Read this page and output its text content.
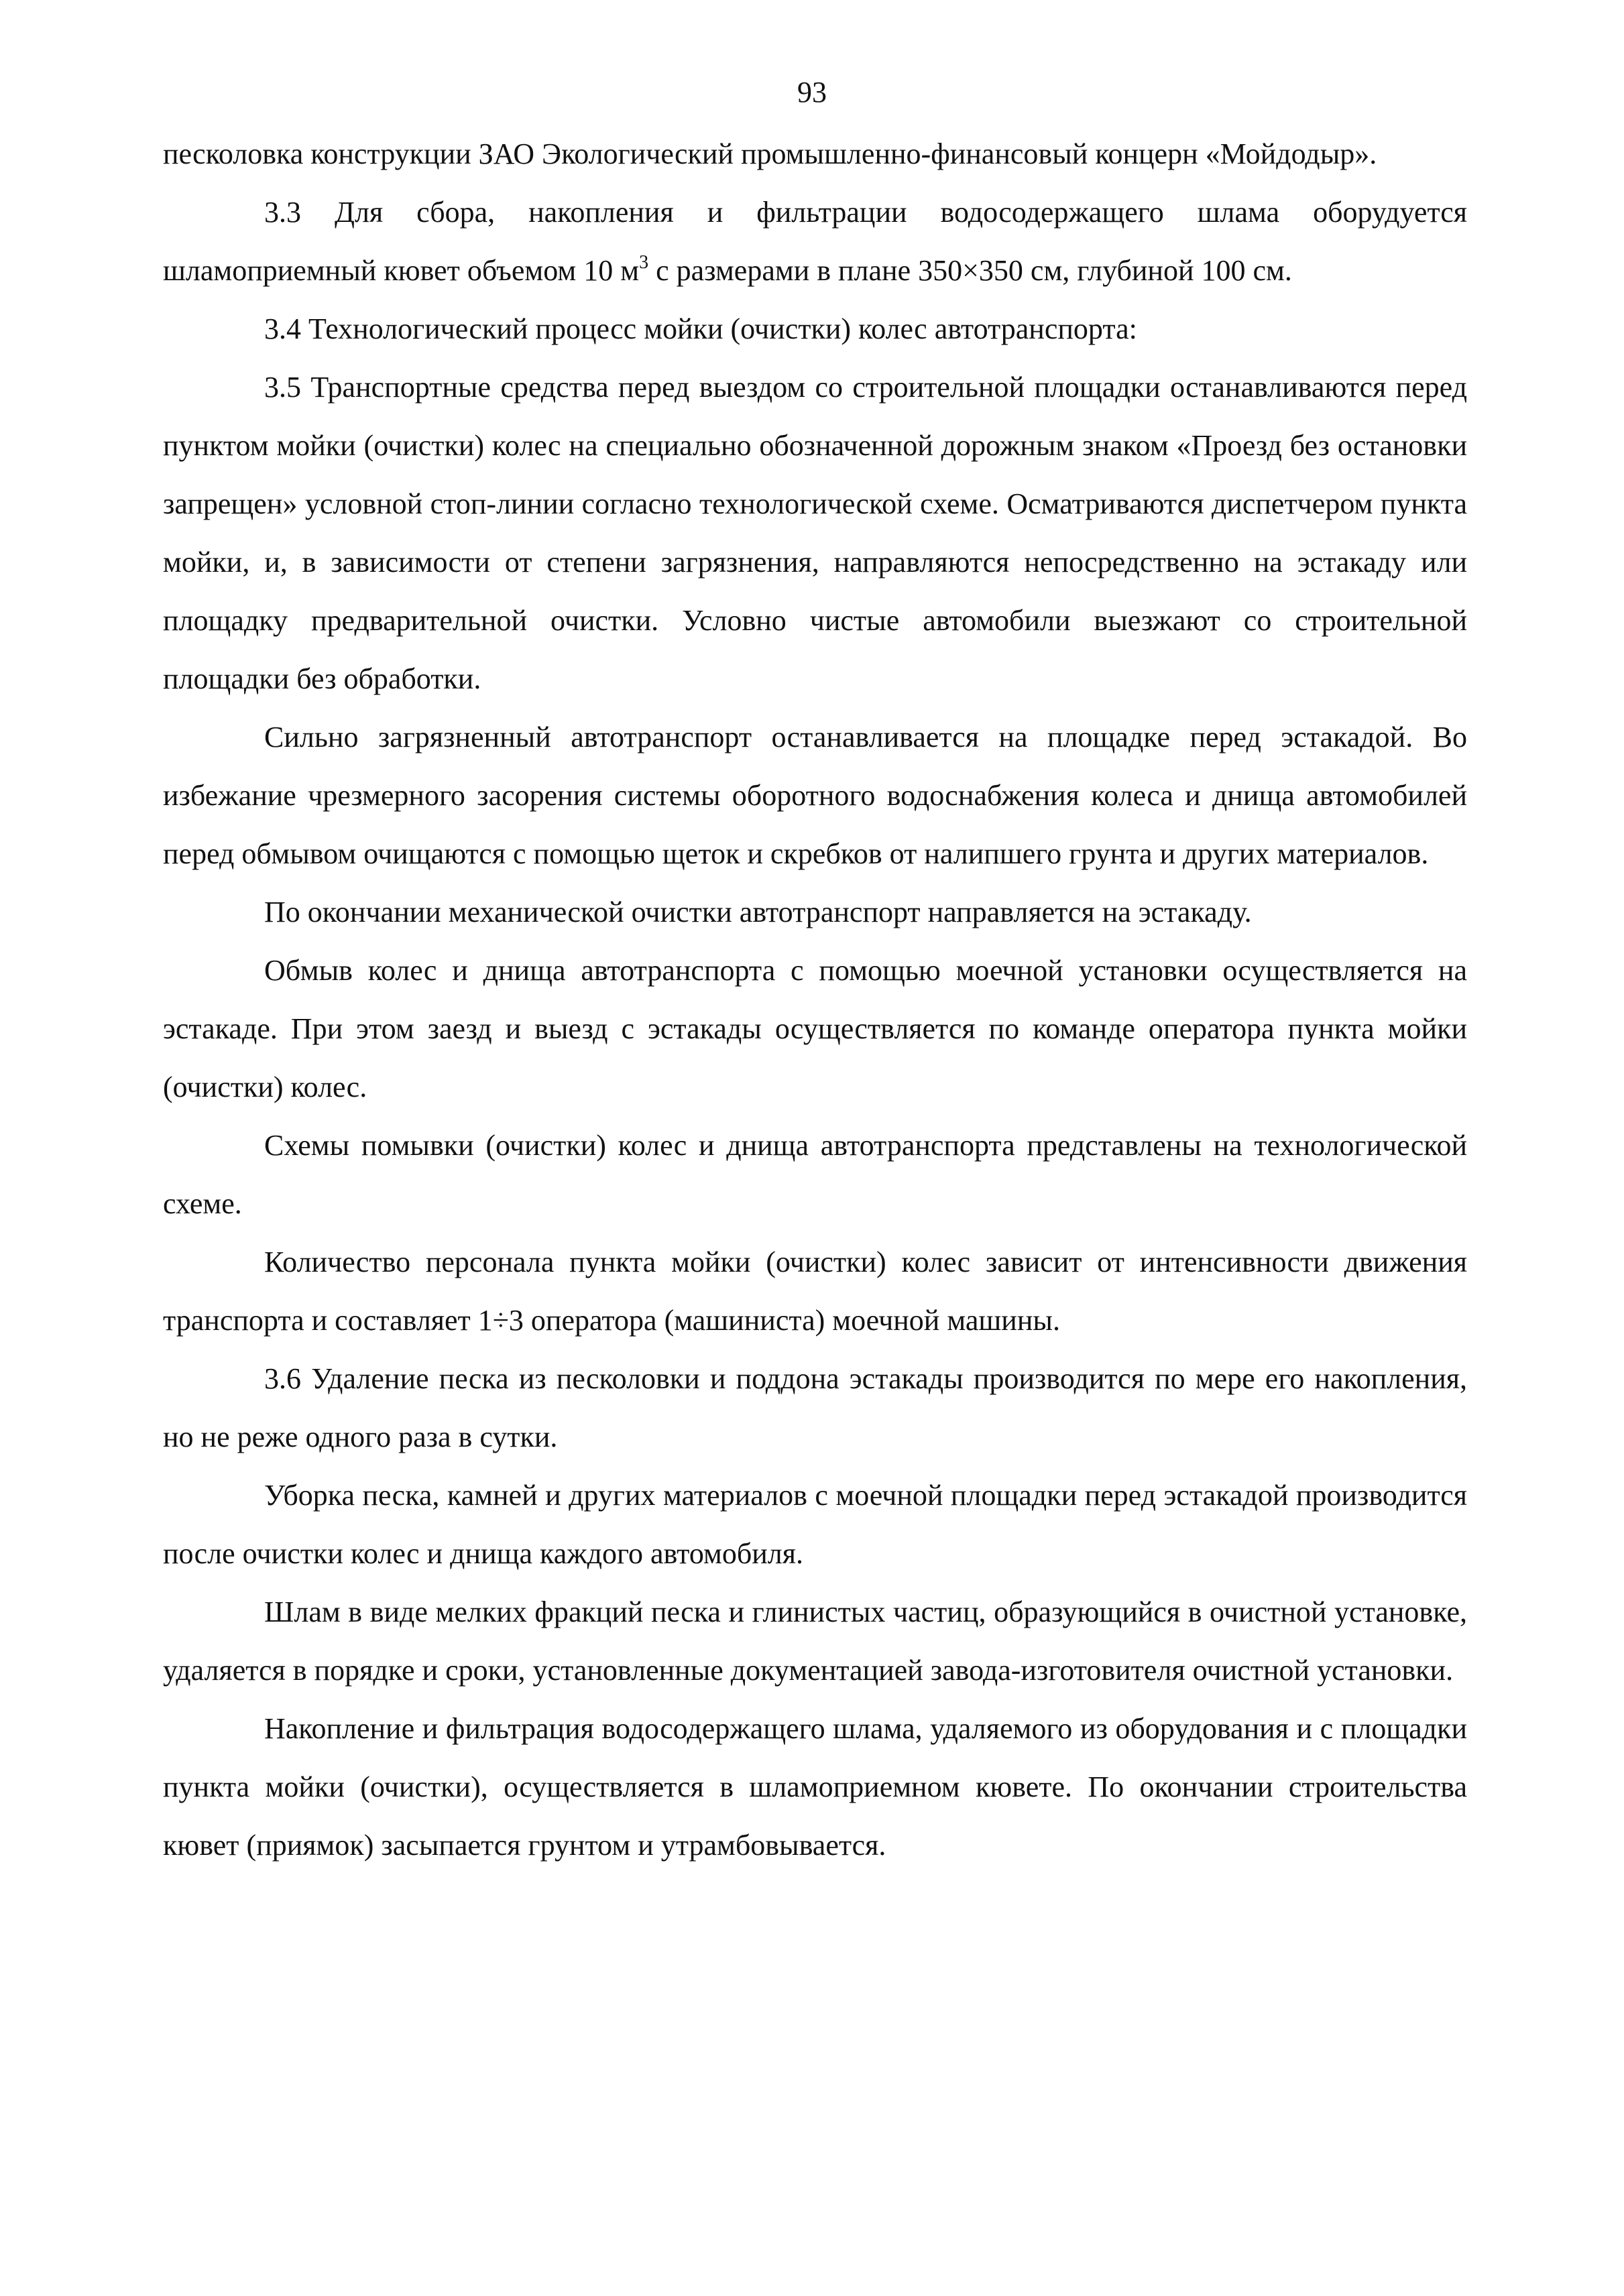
93

песколовка конструкции ЗАО Экологический промышленно-финансовый концерн «Мойдодыр».

3.3 Для сбора, накопления и фильтрации водосодержащего шлама оборудуется шламоприемный кювет объемом 10 $м^3$ с размерами в плане 350×350 см, глубиной 100 см.

3.4 Технологический процесс мойки (очистки) колес автотранспорта:

3.5 Транспортные средства перед выездом со строительной площадки останавливаются перед пунктом мойки (очистки) колес на специально обозначенной дорожным знаком «Проезд без остановки запрещен» условной стоп-линии согласно технологической схеме. Осматриваются диспетчером пункта мойки, и, в зависимости от степени загрязнения, направляются непосредственно на эстакаду или площадку предварительной очистки. Условно чистые автомобили выезжают со строительной площадки без обработки.

Сильно загрязненный автотранспорт останавливается на площадке перед эстакадой. Во избежание чрезмерного засорения системы оборотного водоснабжения колеса и днища автомобилей перед обмывом очищаются с помощью щеток и скребков от налипшего грунта и других материалов.

По окончании механической очистки автотранспорт направляется на эстакаду.

Обмыв колес и днища автотранспорта с помощью моечной установки осуществляется на эстакаде. При этом заезд и выезд с эстакады осуществляется по команде оператора пункта мойки (очистки) колес.

Схемы помывки (очистки) колес и днища автотранспорта представлены на технологической схеме.

Количество персонала пункта мойки (очистки) колес зависит от интенсивности движения транспорта и составляет 1÷3 оператора (машиниста) моечной машины.

3.6 Удаление песка из песколовки и поддона эстакады производится по мере его накопления, но не реже одного раза в сутки.

Уборка песка, камней и других материалов с моечной площадки перед эстакадой производится после очистки колес и днища каждого автомобиля.

Шлам в виде мелких фракций песка и глинистых частиц, образующийся в очистной установке, удаляется в порядке и сроки, установленные документацией завода-изготовителя очистной установки.

Накопление и фильтрация водосодержащего шлама, удаляемого из оборудования и с площадки пункта мойки (очистки), осуществляется в шламоприемном кювете. По окончании строительства кювет (приямок) засыпается грунтом и утрамбовывается.
